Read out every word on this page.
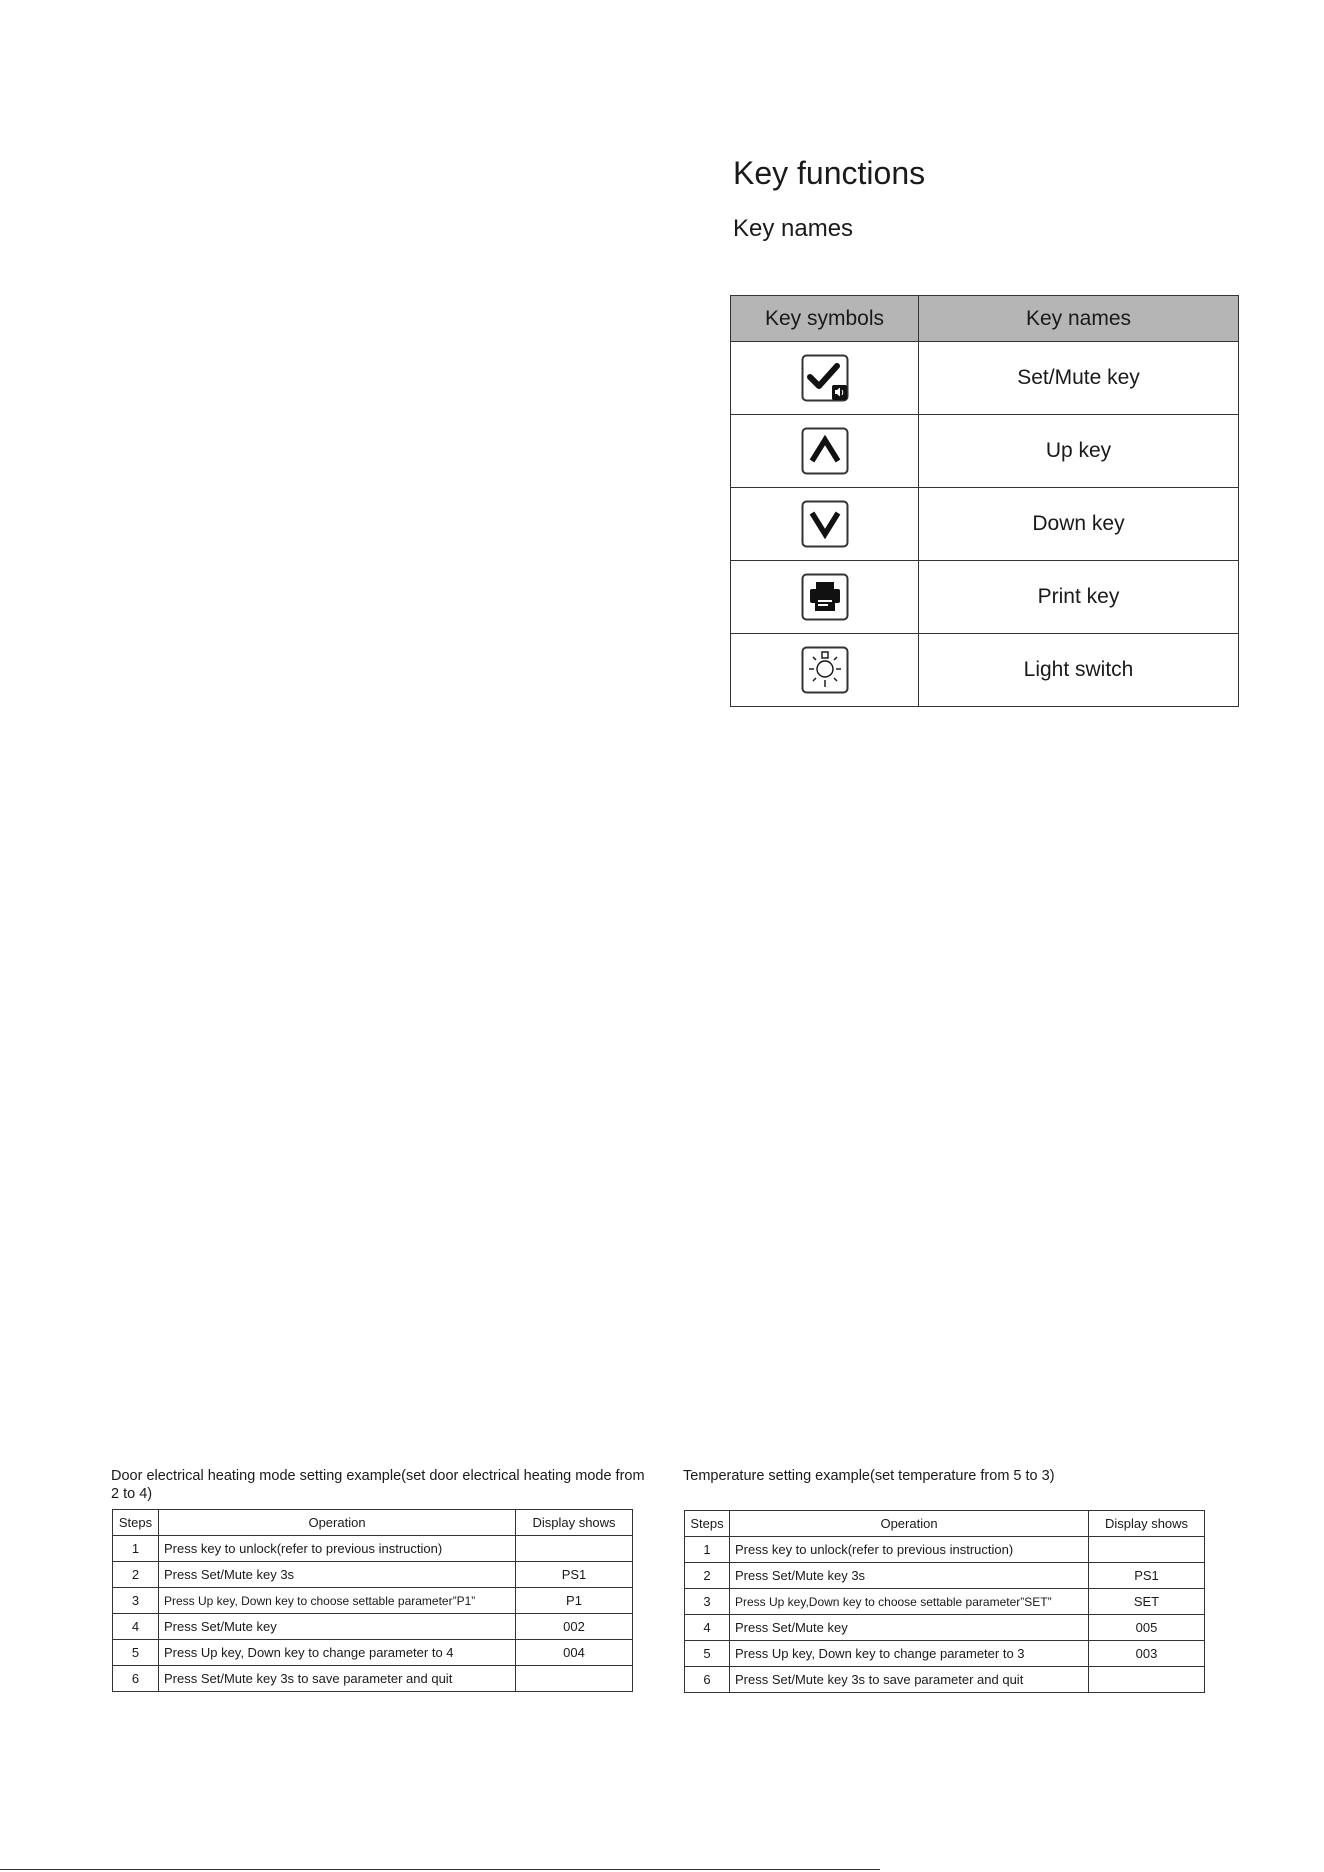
Key functions
Key names
Key symbols	Key names

	Set/Mute key

	Up key

	Down key

	Print key

	Light switch

Door electrical heating mode setting example(set door electrical heating mode from 2 to 4)

Steps	Operation	Display shows
1	Press key to unlock(refer to previous instruction)	
2	Press Set/Mute key 3s	PS1
3	Press Up key, Down key to choose settable parameter”P1”	P1
4	Press Set/Mute key	002
5	Press Up key, Down key to change parameter to 4	004
6	Press Set/Mute key 3s to save parameter and quit	

Temperature setting example(set temperature from 5 to 3)

Steps	Operation	Display shows
1	Press key to unlock(refer to previous instruction)	
2	Press Set/Mute key 3s	PS1
3	Press Up key,Down key to choose settable parameter”SET”	SET
4	Press Set/Mute key	005
5	Press Up key, Down key to change parameter to 3	003
6	Press Set/Mute key 3s to save parameter and quit	
